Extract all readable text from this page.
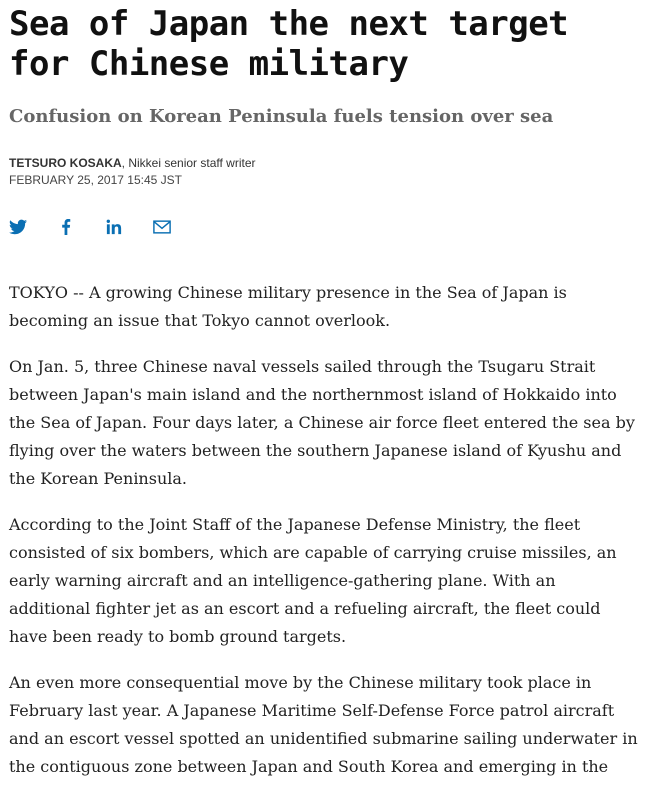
Sea of Japan the next target for Chinese military
Confusion on Korean Peninsula fuels tension over sea
TETSURO KOSAKA, Nikkei senior staff writer
FEBRUARY 25, 2017 15:45 JST

TOKYO -- A growing Chinese military presence in the Sea of Japan is becoming an issue that Tokyo cannot overlook.

On Jan. 5, three Chinese naval vessels sailed through the Tsugaru Strait between Japan's main island and the northernmost island of Hokkaido into the Sea of Japan. Four days later, a Chinese air force fleet entered the sea by flying over the waters between the southern Japanese island of Kyushu and the Korean Peninsula.

According to the Joint Staff of the Japanese Defense Ministry, the fleet consisted of six bombers, which are capable of carrying cruise missiles, an early warning aircraft and an intelligence-gathering plane. With an additional fighter jet as an escort and a refueling aircraft, the fleet could have been ready to bomb ground targets.

An even more consequential move by the Chinese military took place in February last year. A Japanese Maritime Self-Defense Force patrol aircraft and an escort vessel spotted an unidentified submarine sailing underwater in the contiguous zone between Japan and South Korea and emerging in the
